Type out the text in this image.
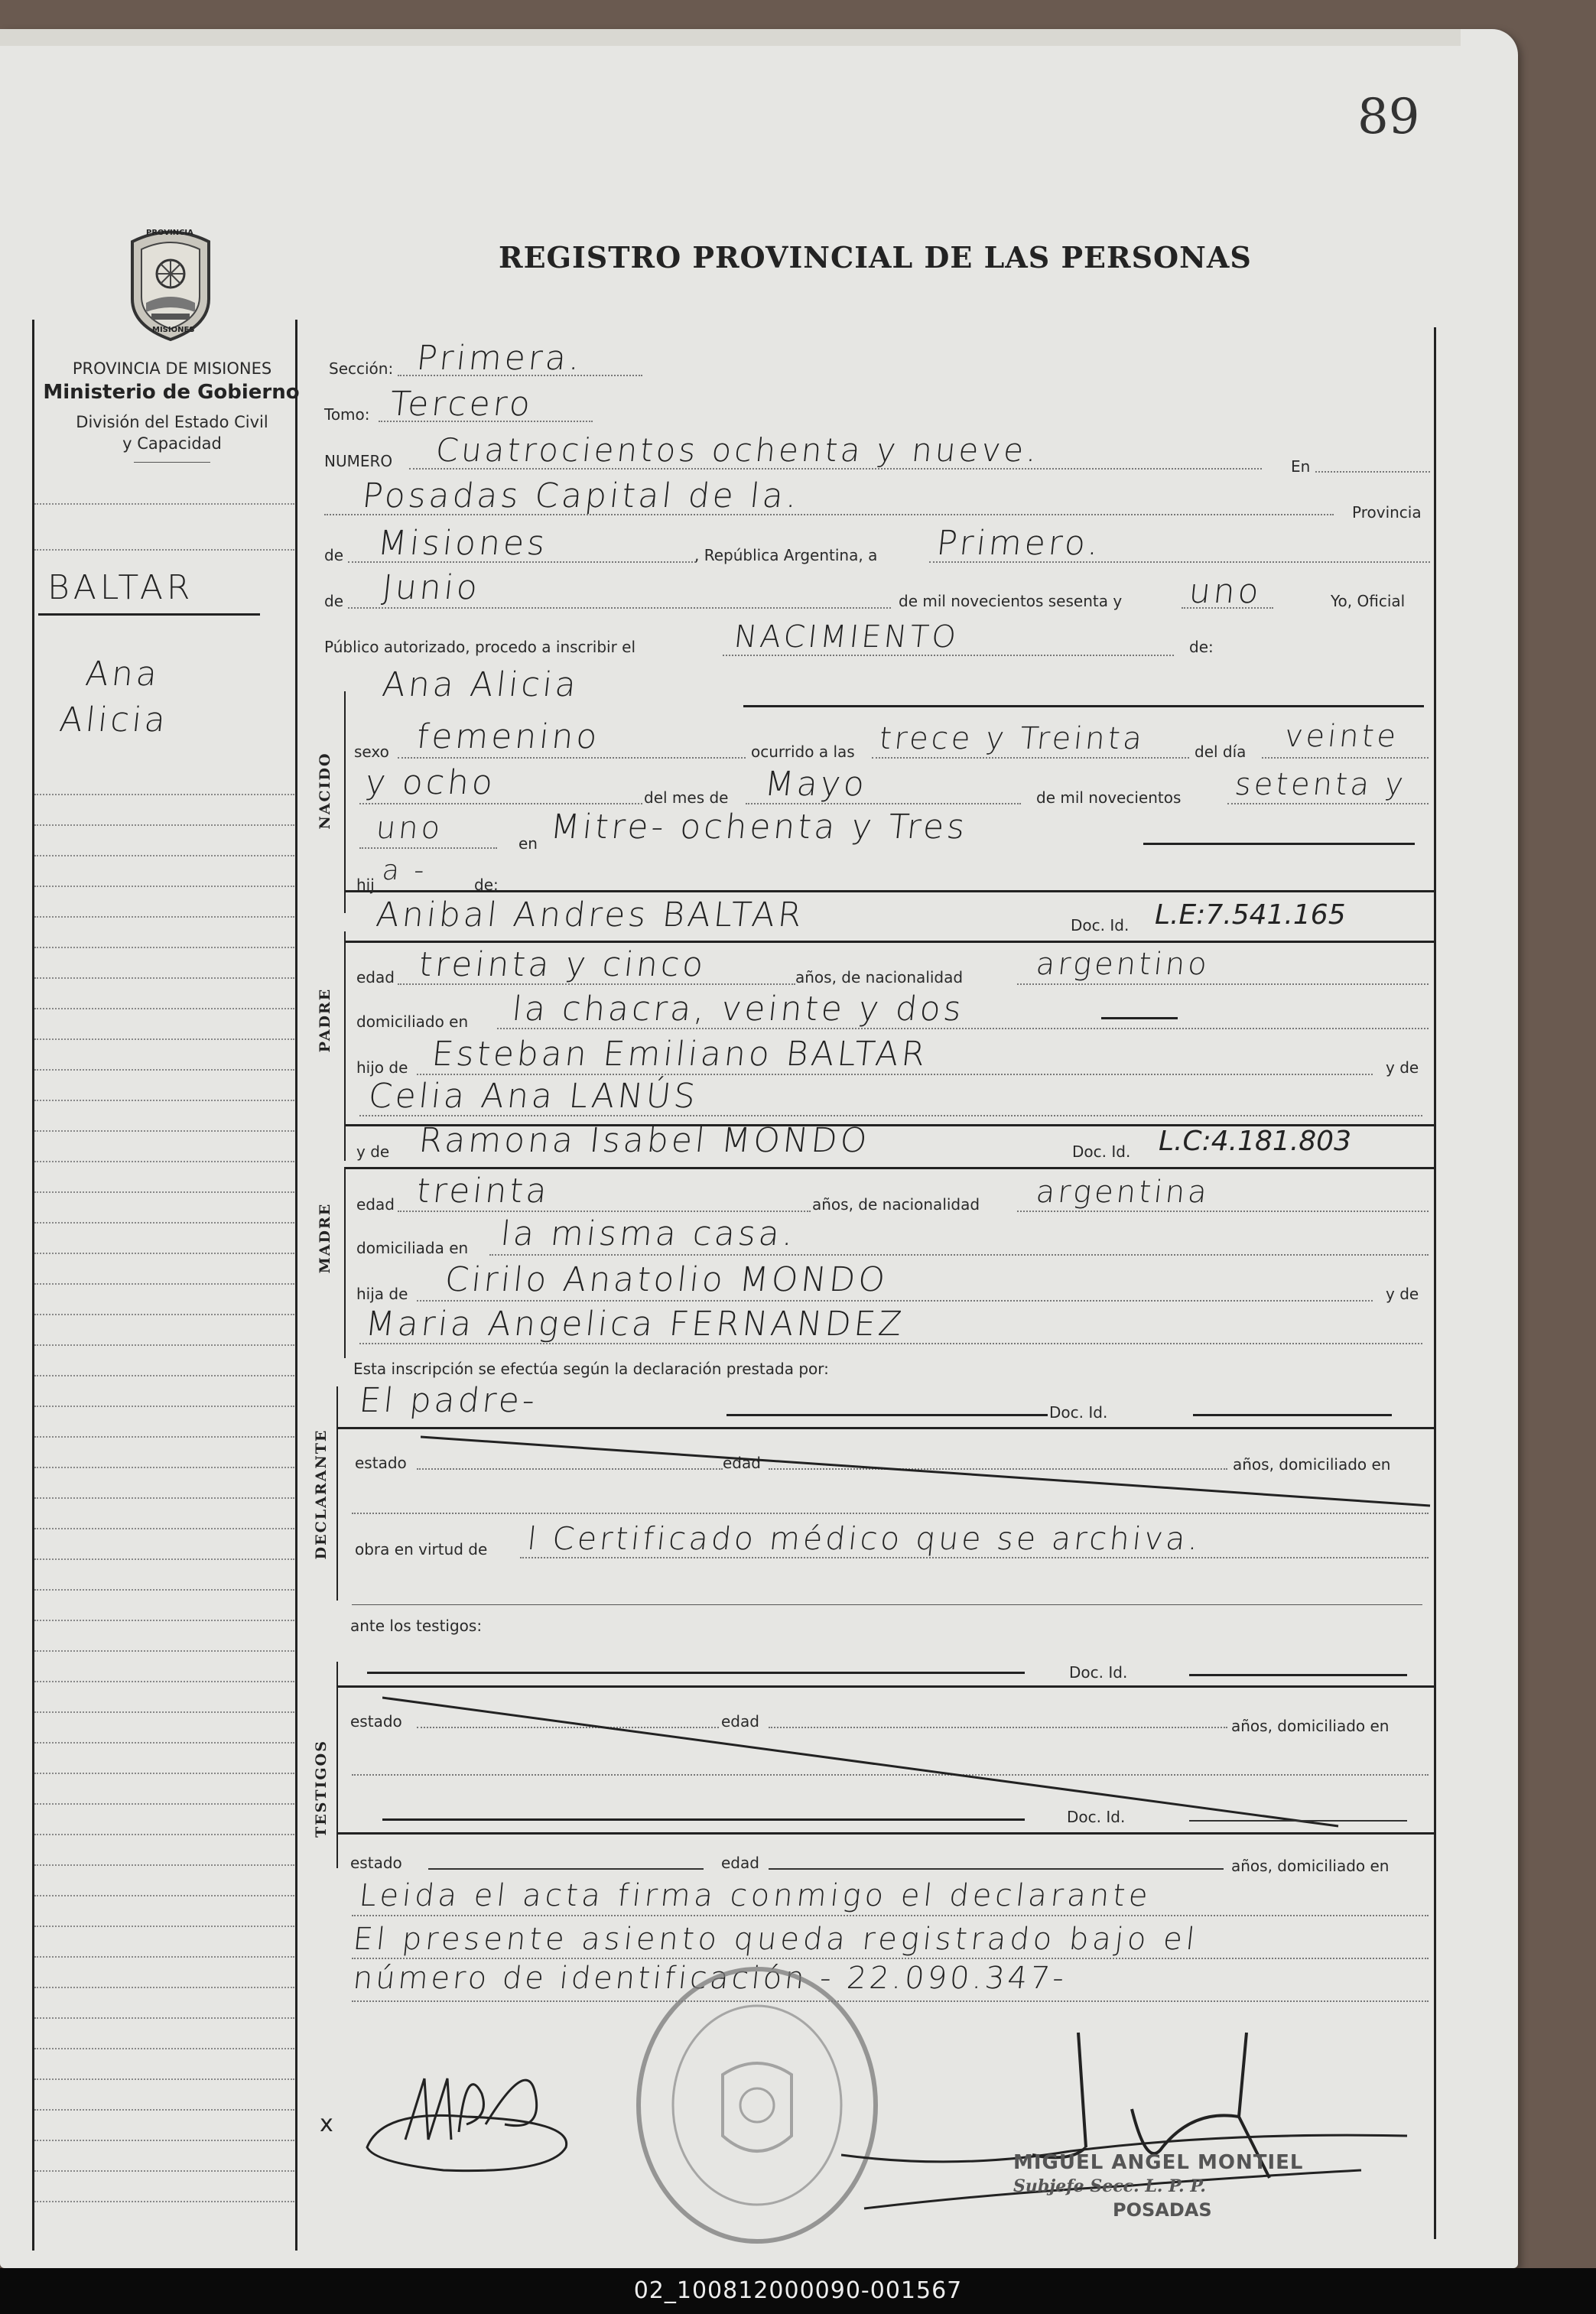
89
PROVINCIA
MISIONES
PROVINCIA DE MISIONES
Ministerio de Gobierno
División del Estado Civil
y Capacidad
REGISTRO PROVINCIAL DE LAS PERSONAS
BALTAR
Ana
Alicia
Sección: Primera.
Tomo: Tercero
NUMERO Cuatrocientos ochenta y nueve.	En
Posadas Capital de la.	Provincia
de Misiones	, República Argentina, a Primero.
de Junio	de mil novecientos sesenta y uno	Yo, Oficial
Público autorizado, procedo a inscribir el	NACIMIENTO	de:
NACIDO
Ana Alicia
sexo femenino	ocurrido a las trece y Treinta	del día veinte
y ocho	del mes de Mayo	de mil novecientos setenta y
uno	en Mitre- ochenta y Tres
hij a -	de;
PADRE
Anibal Andres BALTAR	Doc. Id. L.E:7.541.165
edad treinta y cinco	años, de nacionalidad argentino
domiciliado en la chacra, veinte y dos
hijo de Esteban Emiliano BALTAR	y de
Celia Ana LANÚS
y de Ramona Isabel MONDO	Doc. Id. L.C:4.181.803
MADRE edad treinta	años, de nacionalidad argentina
domiciliada en la misma casa.
hija de Cirilo Anatolio MONDO	y de
Maria Angelica FERNANDEZ
Esta inscripción se efectúa según la declaración prestada por:
DECLARANTE
El padre-	Doc. Id.
estado	edad	años, domiciliado en
obra en virtud de l Certificado médico que se archiva.
ante los testigos:
TESTIGOS
Doc. Id.
estado	edad	años, domiciliado en
Doc. Id.
estado	edad	años, domiciliado en
Leida el acta firma conmigo el declarante
El presente asiento queda registrado bajo el
número de identificación - 22.090.347-
x
MIGUEL ANGEL MONTIEL
Subjefe Secc. L. P. P.
POSADAS
02_100812000090-001567
